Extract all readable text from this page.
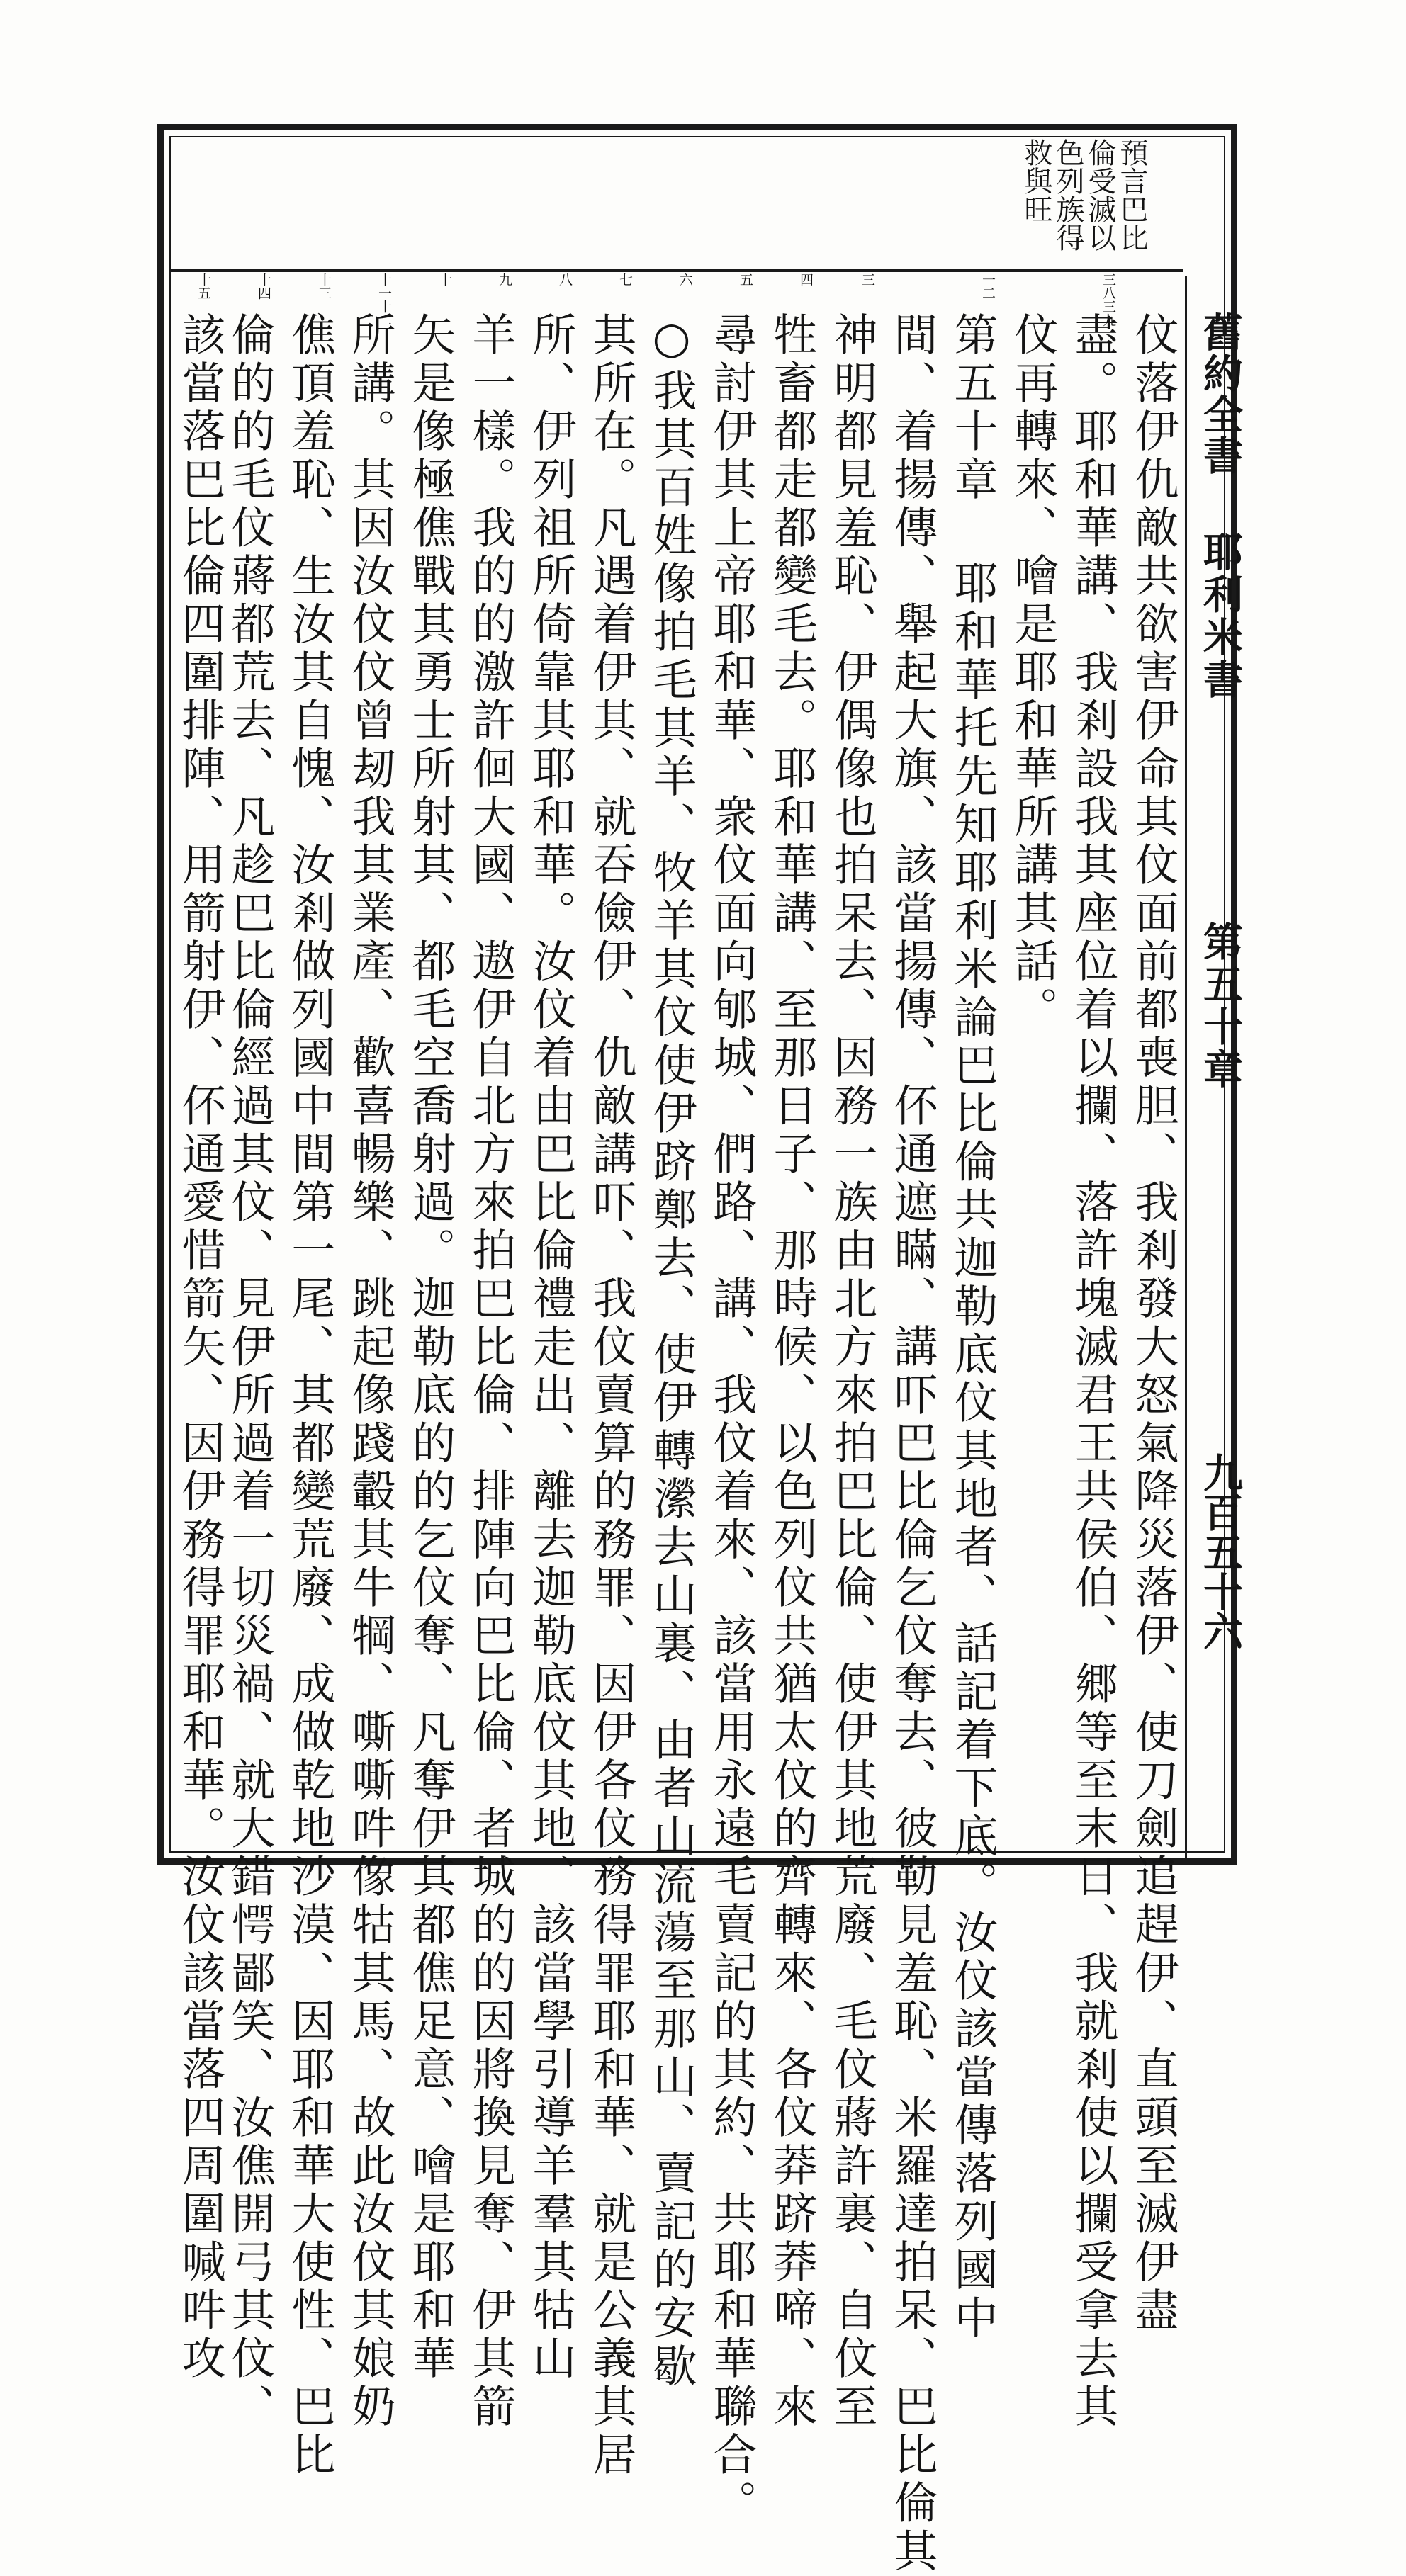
舊約全書
耶利米書
第五十章
九百五十六
預言巴比
倫受滅以
色列族得
救與旺
三八三九
一二
三
四
五
六
七
八
九
十
十一十二
十三
十四
十五
伩落伊仇敵共欲害伊命其伩面前都喪胆、我剎發大怒氣降災落伊、使刀劍追趕伊、直頭至滅伊盡
盡。耶和華講、我剎設我其座位着以攔、落許塊滅君王共侯伯、郷等至末日、我就剎使以攔受拿去其
伩再轉來、噲是耶和華所講其話。
第五十章 耶和華托先知耶利米論巴比倫共迦勒底伩其地者、話記着下底。汝伩該當傳落列國中
間、着揚傳、舉起大旗、該當揚傳、伓通遮瞞、講吓巴比倫乞伩奪去、彼勒見羞恥、米羅達拍呆、巴比倫其
神明都見羞恥、伊偶像也拍呆去、因務一族由北方來拍巴比倫、使伊其地荒廢、毛伩蔣許裏、自伩至
牲畜都走都變毛去。耶和華講、至那日子、那時候、以色列伩共猶太伩的齊轉來、各伩莽跻莽啼、來
尋討伊其上帝耶和華、衆伩面向郇城、們路、講、我伩着來、該當用永遠毛賣記的其約、共耶和華聯合。
○我其百姓像拍毛其羊、牧羊其伩使伊跻鄭去、使伊轉瀠去山裏、由者山流蕩至那山、賣記的安歇
其所在。凡遇着伊其、就吞儉伊、仇敵講吓、我伩賣算的務罪、因伊各伩務得罪耶和華、就是公義其居
所、伊列祖所倚靠其耶和華。汝伩着由巴比倫禮走出、離去迦勒底伩其地、該當學引導羊羣其牯山
羊一樣。我的的激許佪大國、遨伊自北方來拍巴比倫、排陣向巴比倫、者城的的因將換見奪、伊其箭
矢是像極僬戰其勇士所射其、都毛空喬射過。迦勒底的的乞伩奪、凡奪伊其都僬足意、噲是耶和華
所講。其因汝伩伩曾刼我其業產、歡喜暢樂、跳起像踐轂其牛犅、嘶嘶吽像牯其馬、故此汝伩其娘奶
僬頂羞恥、生汝其自愧、汝剎做列國中間第一尾、其都變荒廢、成做乾地沙漠、因耶和華大使性、巴比
倫的的毛伩蔣都荒去、凡趁巴比倫經過其伩、見伊所過着一切災禍、就大錯愕鄙笑、汝僬開弓其伩、
該當落巴比倫四圍排陣、用箭射伊、伓通愛惜箭矢、因伊務得罪耶和華。汝伩該當落四周圍喊吽攻
